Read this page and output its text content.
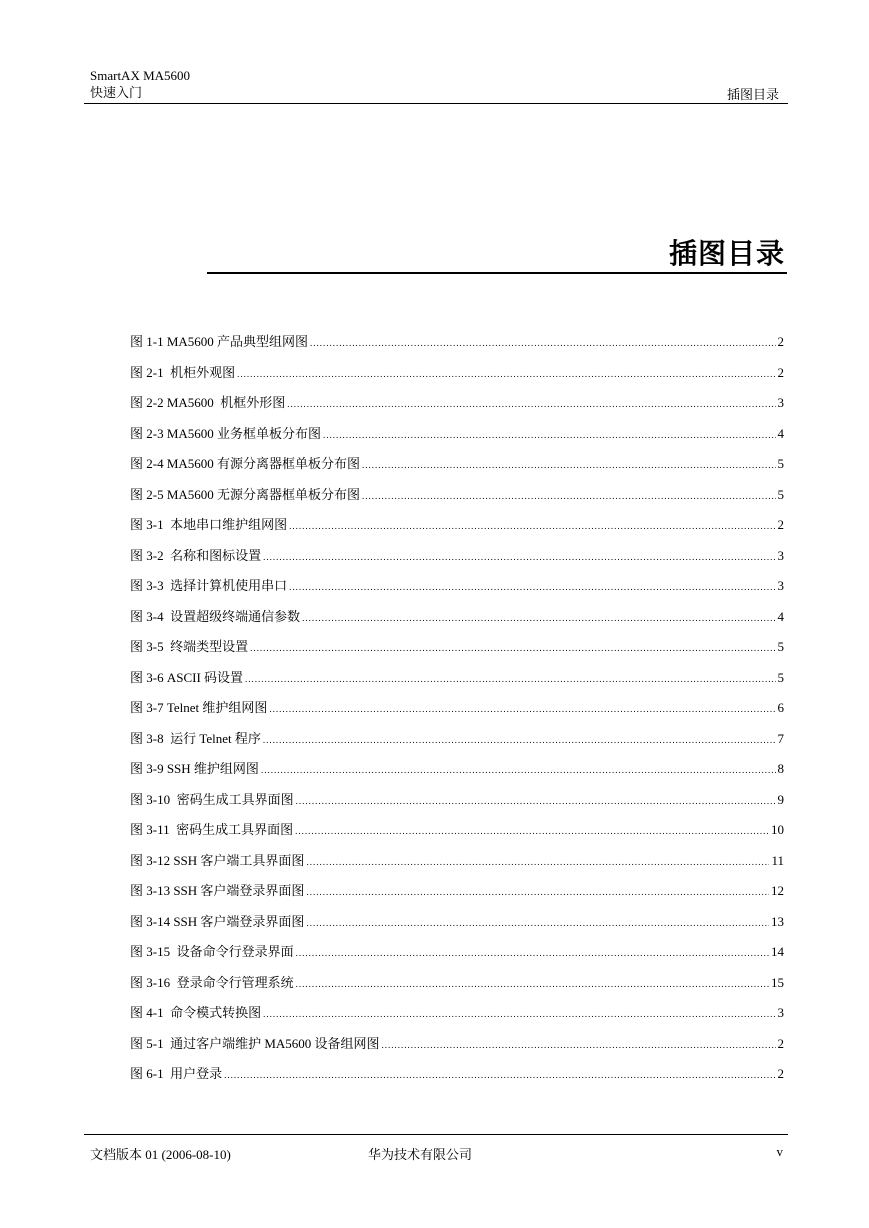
SmartAX MA5600
快速入门	插图目录
插图目录
图 1-1 MA5600 产品典型组网图 .....	2
图 2-1  机柜外观图 .....	2
图 2-2 MA5600  机框外形图 .....	3
图 2-3 MA5600 业务框单板分布图 .....	4
图 2-4 MA5600 有源分离器框单板分布图 .....	5
图 2-5 MA5600 无源分离器框单板分布图 .....	5
图 3-1  本地串口维护组网图 .....	2
图 3-2  名称和图标设置 .....	3
图 3-3  选择计算机使用串口 .....	3
图 3-4  设置超级终端通信参数 .....	4
图 3-5  终端类型设置 .....	5
图 3-6 ASCII 码设置 .....	5
图 3-7 Telnet 维护组网图 .....	6
图 3-8  运行 Telnet 程序 .....	7
图 3-9 SSH 维护组网图 .....	8
图 3-10  密码生成工具界面图 .....	9
图 3-11  密码生成工具界面图 .....	10
图 3-12 SSH 客户端工具界面图 .....	11
图 3-13 SSH 客户端登录界面图 .....	12
图 3-14 SSH 客户端登录界面图 .....	13
图 3-15  设备命令行登录界面 .....	14
图 3-16  登录命令行管理系统 .....	15
图 4-1  命令模式转换图 .....	3
图 5-1  通过客户端维护 MA5600 设备组网图 .....	2
图 6-1  用户登录 .....	2
文档版本 01 (2006-08-10)	华为技术有限公司	v
